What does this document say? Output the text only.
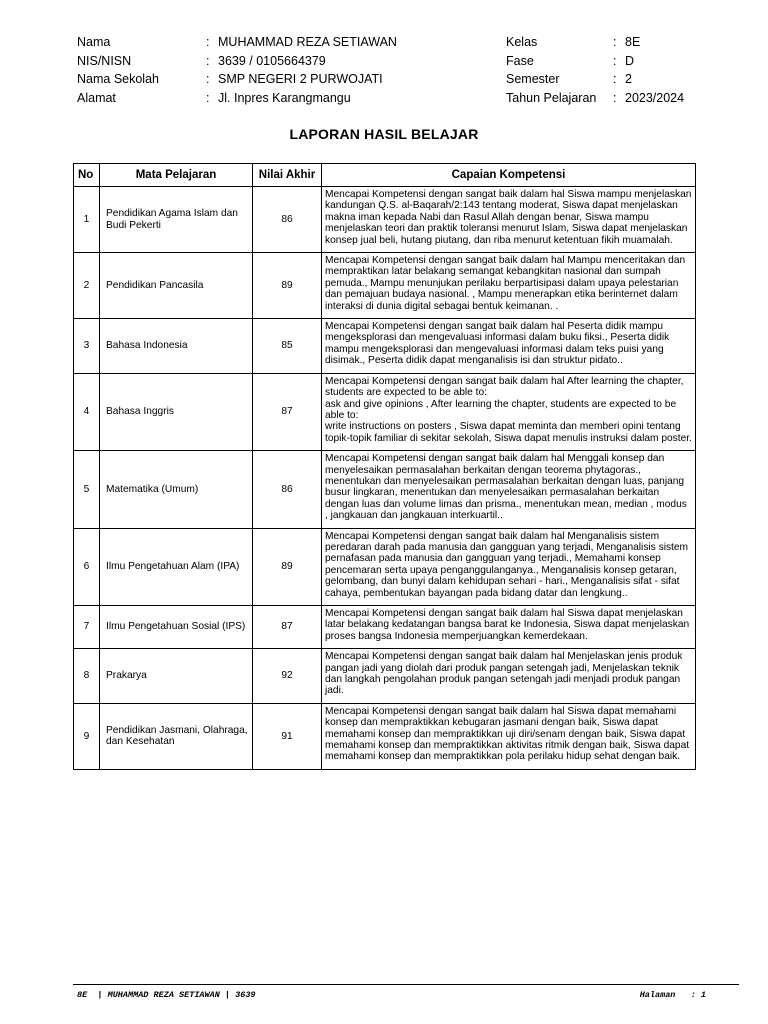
Nama	: MUHAMMAD REZA SETIAWAN
NIS/NISN	: 3639 / 0105664379
Nama Sekolah	: SMP NEGERI 2 PURWOJATI
Alamat	: Jl. Inpres Karangmangu
Kelas	: 8E
Fase	: D
Semester	: 2
Tahun Pelajaran	: 2023/2024
LAPORAN HASIL BELAJAR
No	Mata Pelajaran	Nilai Akhir	Capaian Kompetensi
1	Pendidikan Agama Islam dan Budi Pekerti	86	Mencapai Kompetensi dengan sangat baik dalam hal Siswa mampu menjelaskan kandungan Q.S. al-Baqarah/2:143 tentang moderat, Siswa dapat menjelaskan makna iman kepada Nabi dan Rasul Allah dengan benar, Siswa mampu menjelaskan teori dan praktik toleransi menurut Islam, Siswa dapat menjelaskan konsep jual beli, hutang piutang, dan riba menurut ketentuan fikih muamalah.
2	Pendidikan Pancasila	89	Mencapai Kompetensi dengan sangat baik dalam hal Mampu menceritakan dan mempraktikan latar belakang semangat kebangkitan nasional dan sumpah pemuda., Mampu menunjukan perilaku berpartisipasi dalam upaya pelestarian dan pemajuan budaya nasional. , Mampu menerapkan etika berinternet dalam interaksi di dunia digital sebagai bentuk keimanan. .
3	Bahasa Indonesia	85	Mencapai Kompetensi dengan sangat baik dalam hal Peserta didik mampu mengeksplorasi dan mengevaluasi informasi dalam buku fiksi., Peserta didik mampu mengeksplorasi dan mengevaluasi informasi dalam teks puisi yang disimak., Peserta didik dapat menganalisis isi dan struktur pidato..
4	Bahasa Inggris	87	Mencapai Kompetensi dengan sangat baik dalam hal After learning the chapter, students are expected to be able to:
ask and give opinions , After learning the chapter, students are expected to be able to:
write instructions on posters , Siswa dapat meminta dan memberi opini tentang topik-topik familiar di sekitar sekolah, Siswa dapat menulis instruksi dalam poster.
5	Matematika (Umum)	86	Mencapai Kompetensi dengan sangat baik dalam hal Menggali konsep dan menyelesaikan permasalahan berkaitan dengan teorema phytagoras., menentukan dan menyelesaikan permasalahan berkaitan dengan luas, panjang busur lingkaran, menentukan dan menyelesaikan permasalahan berkaitan dengan luas dan volume limas dan prisma., menentukan mean, median , modus , jangkauan dan jangkauan interkuartil..
6	Ilmu Pengetahuan Alam (IPA)	89	Mencapai Kompetensi dengan sangat baik dalam hal Menganalisis sistem peredaran darah pada manusia dan gangguan yang terjadi, Menganalisis sistem pernafasan pada manusia dan gangguan yang terjadi., Memahami konsep pencemaran serta upaya penganggulanganya., Menganalisis konsep getaran, gelombang, dan bunyi dalam kehidupan sehari - hari., Menganalisis sifat - sifat cahaya, pembentukan bayangan pada bidang datar dan lengkung..
7	Ilmu Pengetahuan Sosial (IPS)	87	Mencapai Kompetensi dengan sangat baik dalam hal Siswa dapat menjelaskan latar belakang kedatangan bangsa barat ke Indonesia, Siswa dapat menjelaskan proses bangsa Indonesia memperjuangkan kemerdekaan.
8	Prakarya	92	Mencapai Kompetensi dengan sangat baik dalam hal Menjelaskan jenis produk pangan jadi yang diolah dari produk pangan setengah jadi, Menjelaskan teknik dan langkah pengolahan produk pangan setengah jadi menjadi produk pangan jadi.
9	Pendidikan Jasmani, Olahraga, dan Kesehatan	91	Mencapai Kompetensi dengan sangat baik dalam hal Siswa dapat memahami konsep dan mempraktikkan kebugaran jasmani dengan baik, Siswa dapat memahami konsep dan mempraktikkan uji diri/senam dengan baik, Siswa dapat memahami konsep dan mempraktikkan aktivitas ritmik dengan baik, Siswa dapat memahami konsep dan mempraktikkan pola perilaku hidup sehat dengan baik.
8E  | MUHAMMAD REZA SETIAWAN | 3639	Halaman   : 1
